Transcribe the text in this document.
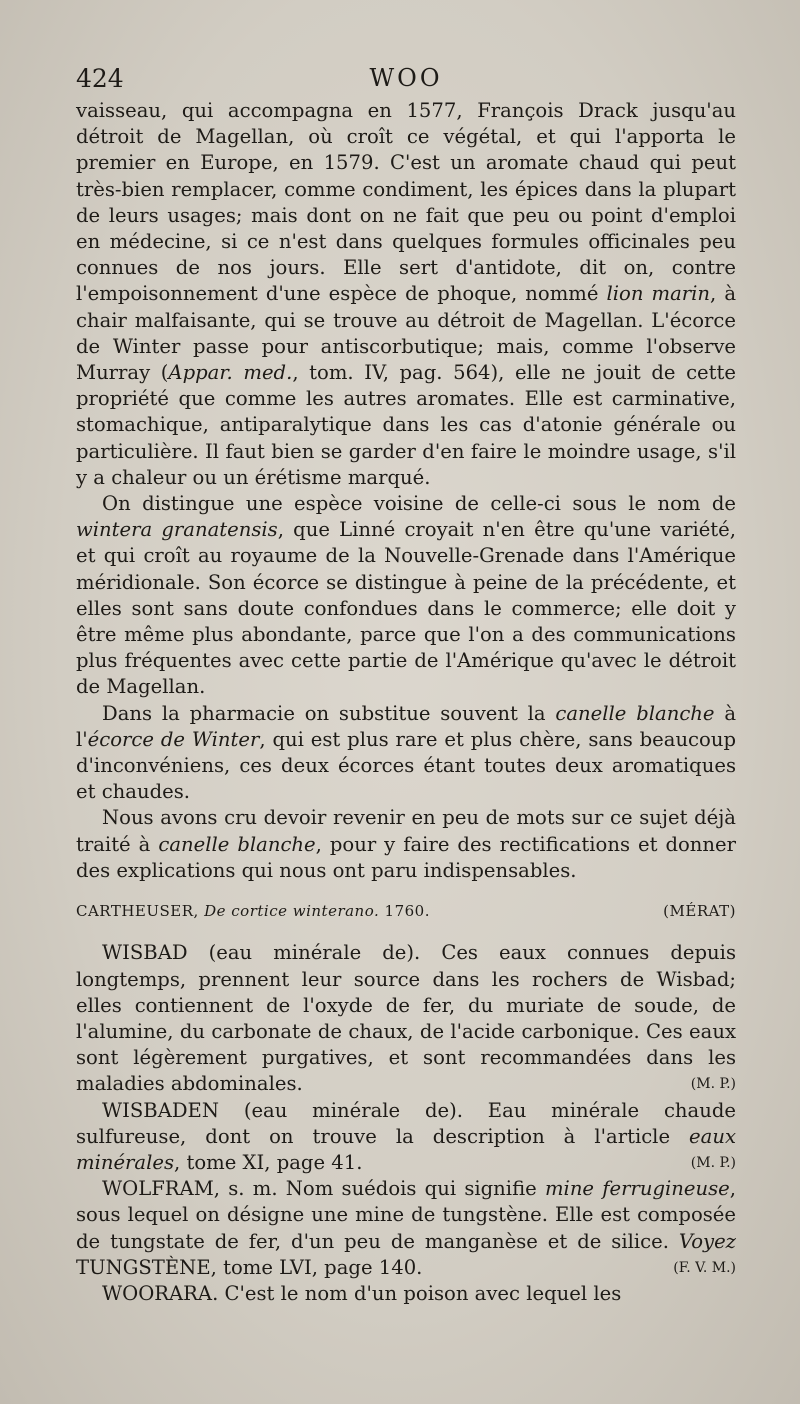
424	WOO

vaisseau, qui accompagna en 1577, François Drack jusqu'au détroit de Magellan, où croît ce végétal, et qui l'apporta le premier en Europe, en 1579. C'est un aromate chaud qui peut très-bien remplacer, comme condiment, les épices dans la plupart de leurs usages; mais dont on ne fait que peu ou point d'emploi en médecine, si ce n'est dans quelques formules officinales peu connues de nos jours. Elle sert d'antidote, dit on, contre l'empoisonnement d'une espèce de phoque, nommé lion marin, à chair malfaisante, qui se trouve au détroit de Magellan. L'écorce de Winter passe pour antiscorbutique; mais, comme l'observe Murray (Appar. med., tom. IV, pag. 564), elle ne jouit de cette propriété que comme les autres aromates. Elle est carminative, stomachique, antiparalytique dans les cas d'atonie générale ou particulière. Il faut bien se garder d'en faire le moindre usage, s'il y a chaleur ou un érétisme marqué.

On distingue une espèce voisine de celle-ci sous le nom de wintera granatensis, que Linné croyait n'en être qu'une variété, et qui croît au royaume de la Nouvelle-Grenade dans l'Amérique méridionale. Son écorce se distingue à peine de la précédente, et elles sont sans doute confondues dans le commerce; elle doit y être même plus abondante, parce que l'on a des communications plus fréquentes avec cette partie de l'Amérique qu'avec le détroit de Magellan.

Dans la pharmacie on substitue souvent la canelle blanche à l'écorce de Winter, qui est plus rare et plus chère, sans beaucoup d'inconvéniens, ces deux écorces étant toutes deux aromatiques et chaudes.

Nous avons cru devoir revenir en peu de mots sur ce sujet déjà traité à canelle blanche, pour y faire des rectifications et donner des explications qui nous ont paru indispensables.

CARTHEUSER, De cortice winterano. 1760.	(MÉRAT)

WISBAD (eau minérale de). Ces eaux connues depuis longtemps, prennent leur source dans les rochers de Wisbad; elles contiennent de l'oxyde de fer, du muriate de soude, de l'alumine, du carbonate de chaux, de l'acide carbonique. Ces eaux sont légèrement purgatives, et sont recommandées dans les maladies abdominales.	(M. P.)

WISBADEN (eau minérale de). Eau minérale chaude sulfureuse, dont on trouve la description à l'article eaux minérales, tome XI, page 41.	(M. P.)

WOLFRAM, s. m. Nom suédois qui signifie mine ferrugineuse, sous lequel on désigne une mine de tungstène. Elle est composée de tungstate de fer, d'un peu de manganèse et de silice. Voyez TUNGSTÈNE, tome LVI, page 140.	(F. V. M.)

WOORARA. C'est le nom d'un poison avec lequel les
